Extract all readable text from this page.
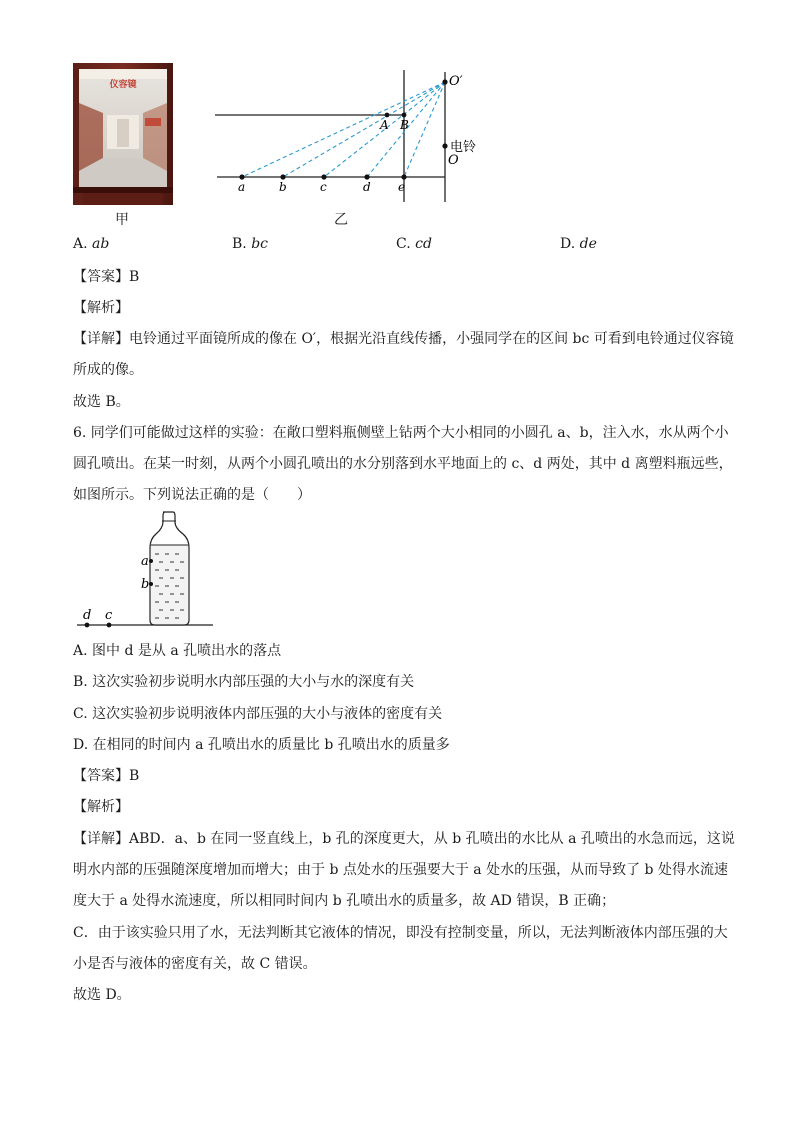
仪容镜
甲
O′
电铃
O
A B
a	b	c	d e
乙
A. ab	B. bc	C. cd	D. de
【答案】B
【解析】
【详解】电铃通过平面镜所成的像在 O′，根据光沿直线传播，小强同学在的区间 bc 可看到电铃通过仪容镜
所成的像。
故选 B。
6. 同学们可能做过这样的实验：在敞口塑料瓶侧壁上钻两个大小相同的小圆孔 a、b，注入水，水从两个小
圆孔喷出。在某一时刻，从两个小圆孔喷出的水分别落到水平地面上的 c、d 两处，其中 d 离塑料瓶远些，
如图所示。下列说法正确的是（　　）
a
b
c
d
A. 图中 d 是从 a 孔喷出水的落点
B. 这次实验初步说明水内部压强的大小与水的深度有关
C. 这次实验初步说明液体内部压强的大小与液体的密度有关
D. 在相同的时间内 a 孔喷出水的质量比 b 孔喷出水的质量多
【答案】B
【解析】
【详解】ABD．a、b 在同一竖直线上，b 孔的深度更大，从 b 孔喷出的水比从 a 孔喷出的水急而远，这说
明水内部的压强随深度增加而增大；由于 b 点处水的压强要大于 a 处水的压强，从而导致了 b 处得水流速
度大于 a 处得水流速度，所以相同时间内 b 孔喷出水的质量多，故 AD 错误，B 正确；
C．由于该实验只用了水，无法判断其它液体的情况，即没有控制变量，所以，无法判断液体内部压强的大
小是否与液体的密度有关，故 C 错误。
故选 D。
